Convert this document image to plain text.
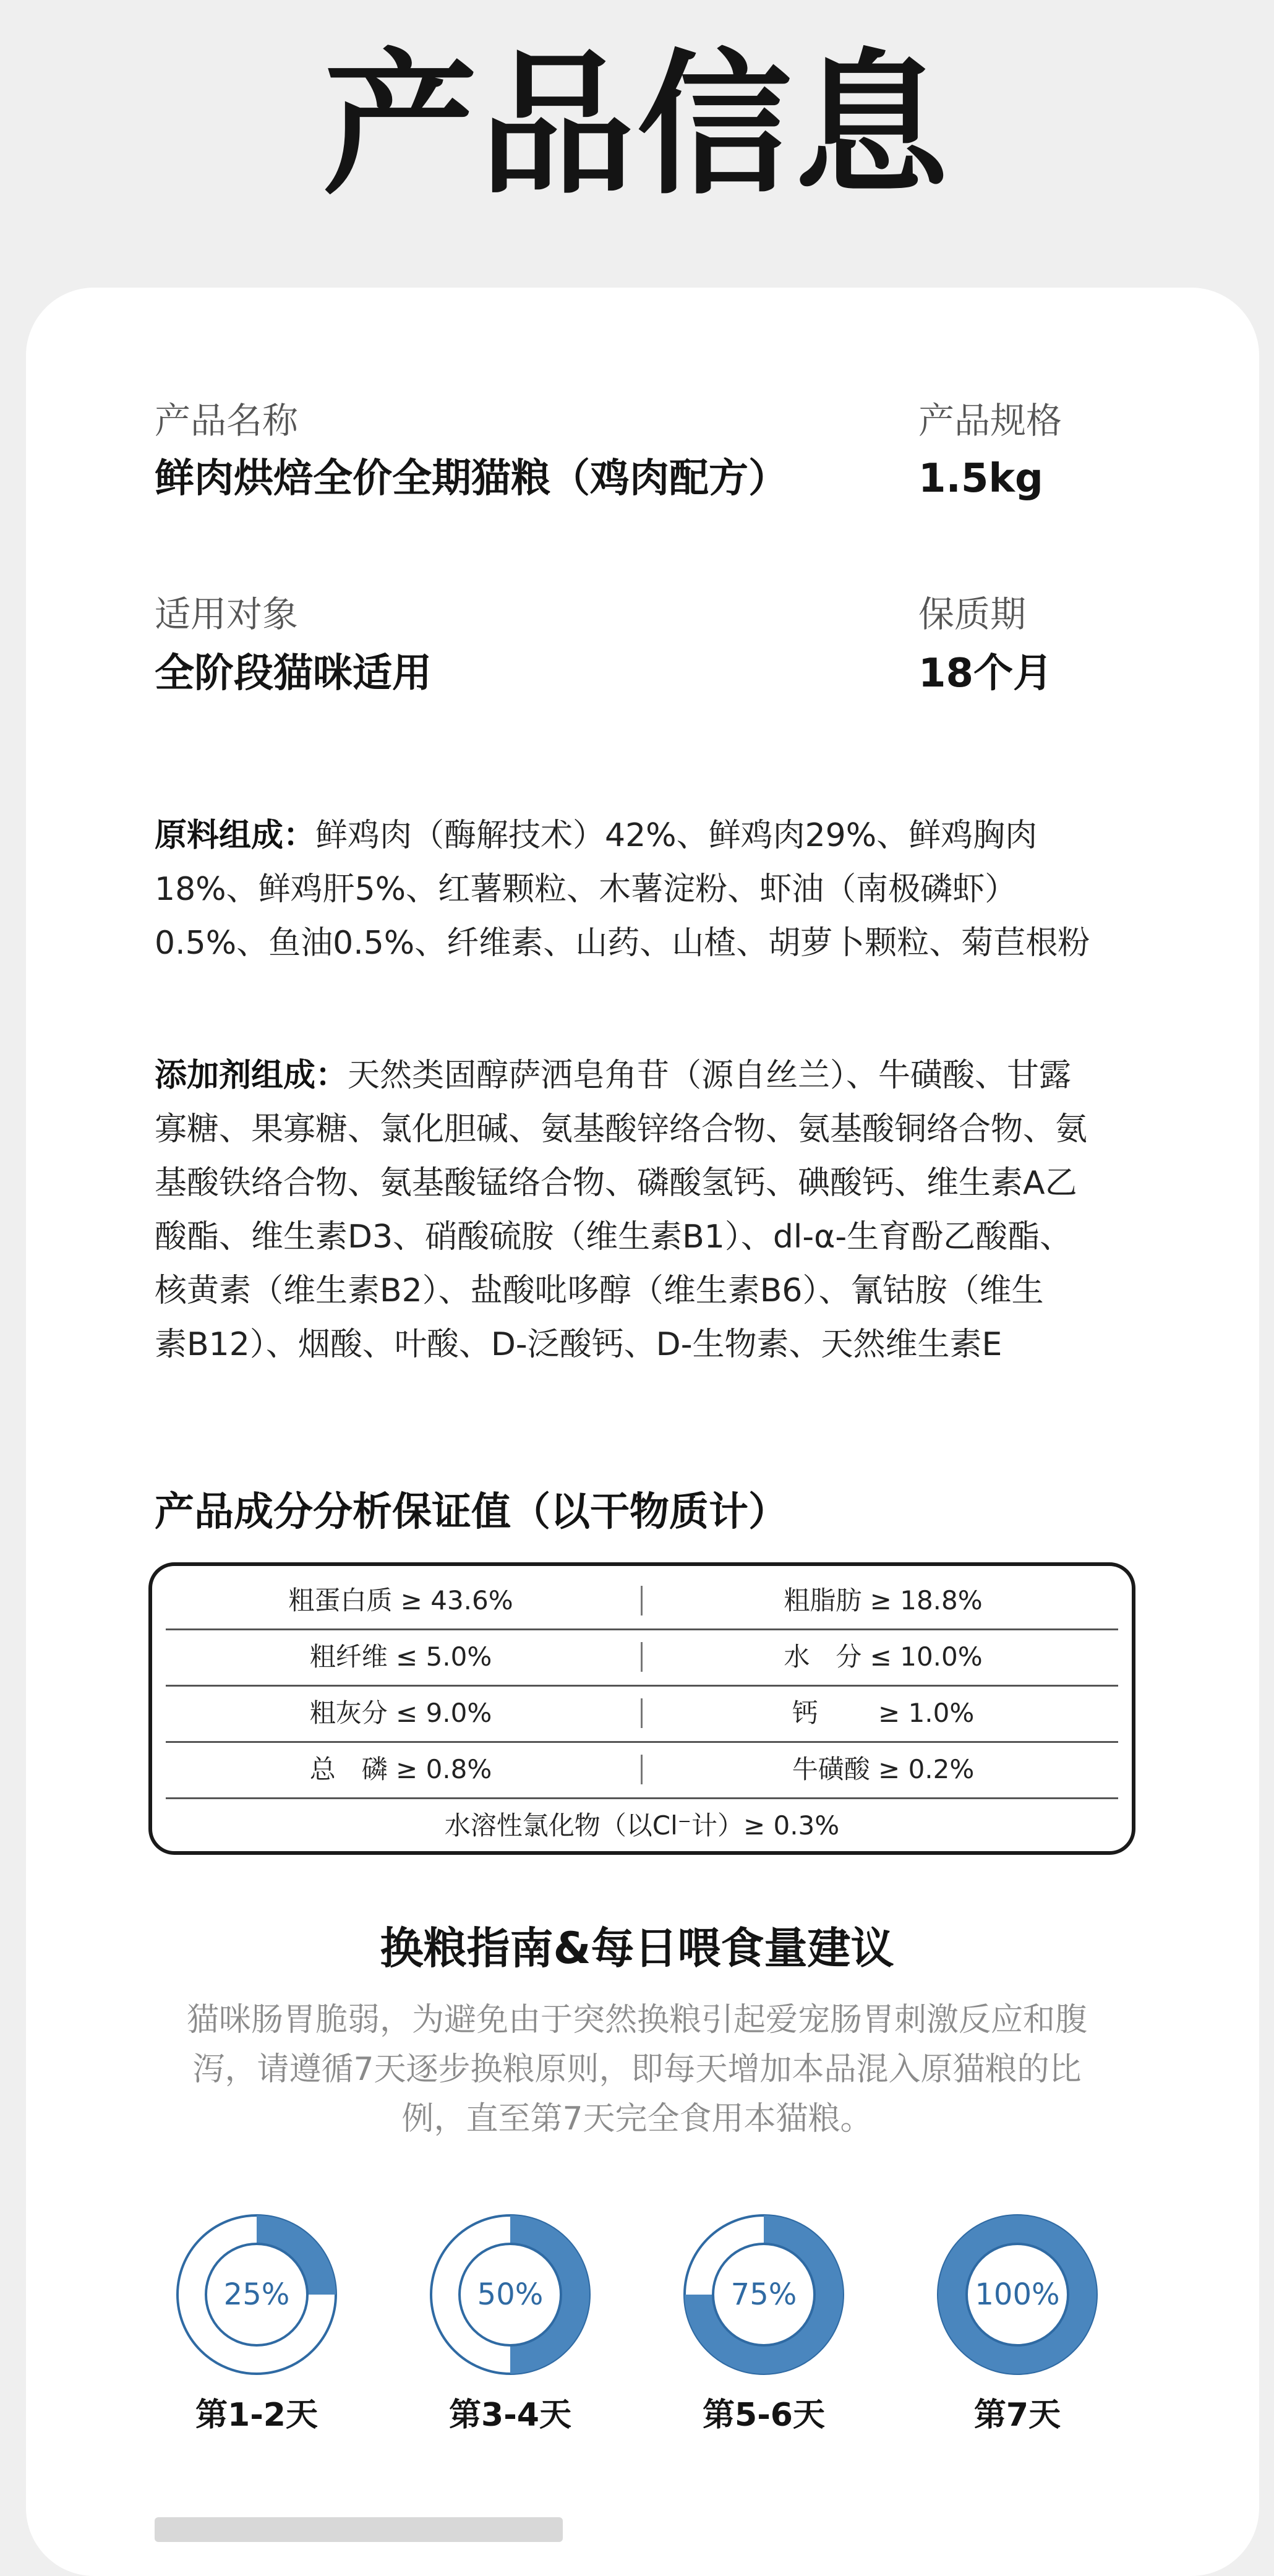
产品信息
产品名称
鲜肉烘焙全价全期猫粮（鸡肉配方）
产品规格
1.5kg
适用对象
全阶段猫咪适用
保质期
18个月
原料组成：鲜鸡肉（酶解技术）42%、鲜鸡肉29%、鲜鸡胸肉
18%、鲜鸡肝5%、红薯颗粒、木薯淀粉、虾油（南极磷虾）
0.5%、鱼油0.5%、纤维素、山药、山楂、胡萝卜颗粒、菊苣根粉
添加剂组成：天然类固醇萨洒皂角苷（源自丝兰）、牛磺酸、甘露
寡糖、果寡糖、氯化胆碱、氨基酸锌络合物、氨基酸铜络合物、氨
基酸铁络合物、氨基酸锰络合物、磷酸氢钙、碘酸钙、维生素A乙
酸酯、维生素D3、硝酸硫胺（维生素B1）、dl-α-生育酚乙酸酯、
核黄素（维生素B2）、盐酸吡哆醇（维生素B6）、氰钴胺（维生
素B12）、烟酸、叶酸、D-泛酸钙、D-生物素、天然维生素E
产品成分分析保证值（以干物质计）
粗蛋白质 ≥ 43.6%	粗脂肪 ≥ 18.8%
粗纤维 ≤ 5.0%	水　分 ≤ 10.0%
粗灰分 ≤ 9.0%	钙　　 ≥ 1.0%
总　磷 ≥ 0.8%	牛磺酸 ≥ 0.2%
水溶性氯化物（以Cl⁻计）≥ 0.3%
换粮指南&每日喂食量建议
猫咪肠胃脆弱，为避免由于突然换粮引起爱宠肠胃刺激反应和腹
泻，请遵循7天逐步换粮原则，即每天增加本品混入原猫粮的比
例，直至第7天完全食用本猫粮。
25%
第1-2天
50%
第3-4天
75%
第5-6天
100%
第7天
